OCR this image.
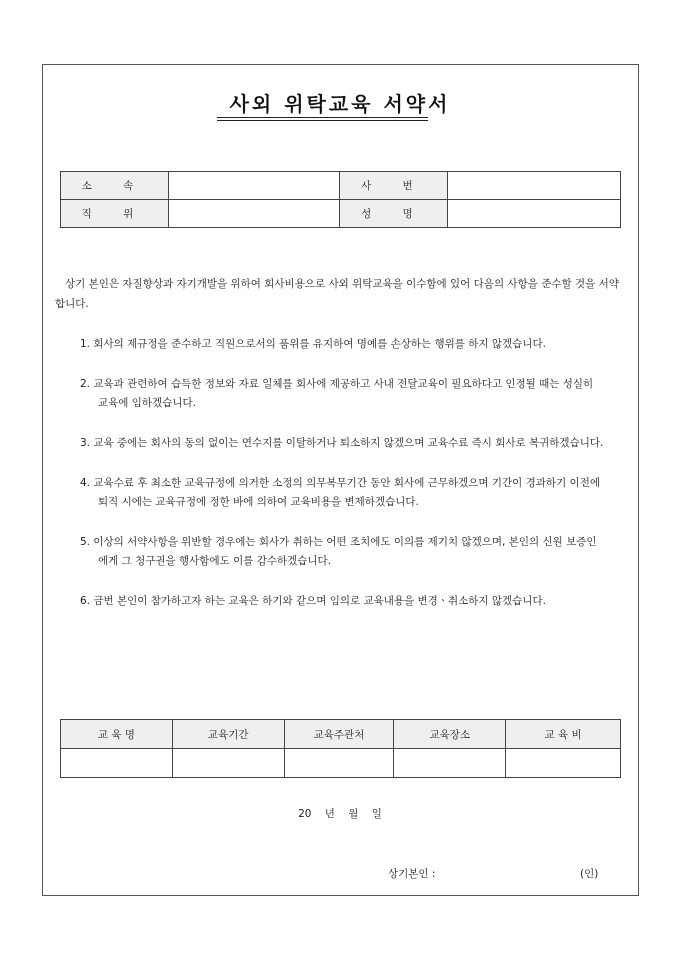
사외 위탁교육 서약서
소 속		사 번	
직 위		성 명	
상기 본인은 자질향상과 자기개발을 위하여 회사비용으로 사외 위탁교육을 이수함에 있어 다음의 사항을 준수할 것을 서약합니다.
1. 회사의 제규정을 준수하고 직원으로서의 품위를 유지하여 명예를 손상하는 행위를 하지 않겠습니다.
2. 교육과 관련하여 습득한 정보와 자료 일체를 회사에 제공하고 사내 전달교육이 필요하다고 인정될 때는 성실히 교육에 임하겠습니다.
3. 교육 중에는 회사의 동의 없이는 연수지를 이탈하거나 퇴소하지 않겠으며 교육수료 즉시 회사로 복귀하겠습니다.
4. 교육수료 후 최소한 교육규정에 의거한 소정의 의무복무기간 동안 회사에 근무하겠으며 기간이 경과하기 이전에 퇴직 시에는 교육규정에 정한 바에 의하여 교육비용을 변제하겠습니다.
5. 이상의 서약사항을 위반할 경우에는 회사가 취하는 어떤 조치에도 이의를 제기치 않겠으며, 본인의 신원 보증인에게 그 청구권을 행사함에도 이를 감수하겠습니다.
6. 금번 본인이 참가하고자 하는 교육은 하기와 같으며 임의로 교육내용을 변경ㆍ취소하지 않겠습니다.
교 육 명	교육기간	교육주관처	교육장소	교 육 비

20 년 월 일
상기본인 :	(인)
